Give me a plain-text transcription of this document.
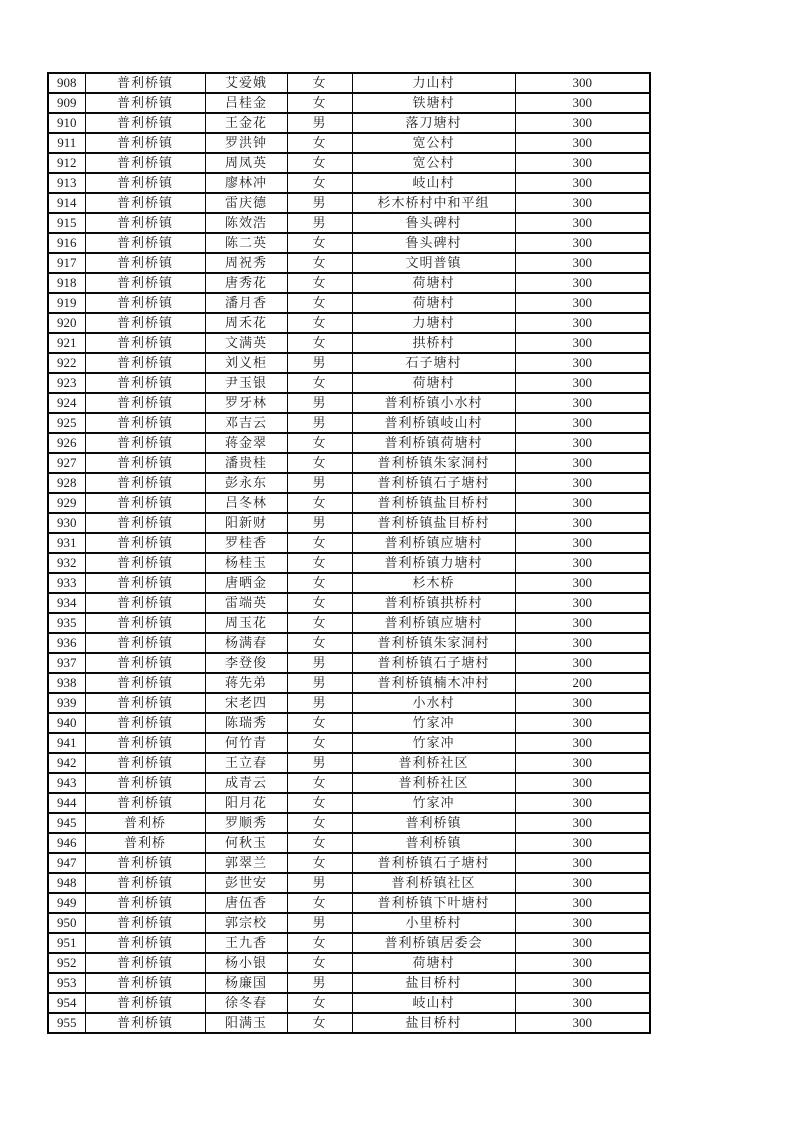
908	普利桥镇	艾爱娥	女	力山村	300
909	普利桥镇	吕桂金	女	铁塘村	300
910	普利桥镇	王金花	男	落刀塘村	300
911	普利桥镇	罗洪钟	女	宽公村	300
912	普利桥镇	周凤英	女	宽公村	300
913	普利桥镇	廖林冲	女	岐山村	300
914	普利桥镇	雷庆德	男	杉木桥村中和平组	300
915	普利桥镇	陈效浩	男	鲁头碑村	300
916	普利桥镇	陈二英	女	鲁头碑村	300
917	普利桥镇	周祝秀	女	文明普镇	300
918	普利桥镇	唐秀花	女	荷塘村	300
919	普利桥镇	潘月香	女	荷塘村	300
920	普利桥镇	周禾花	女	力塘村	300
921	普利桥镇	文满英	女	拱桥村	300
922	普利桥镇	刘义柜	男	石子塘村	300
923	普利桥镇	尹玉银	女	荷塘村	300
924	普利桥镇	罗牙林	男	普利桥镇小水村	300
925	普利桥镇	邓吉云	男	普利桥镇岐山村	300
926	普利桥镇	蒋金翠	女	普利桥镇荷塘村	300
927	普利桥镇	潘贵桂	女	普利桥镇朱家洞村	300
928	普利桥镇	彭永东	男	普利桥镇石子塘村	300
929	普利桥镇	吕冬林	女	普利桥镇盐目桥村	300
930	普利桥镇	阳新财	男	普利桥镇盐目桥村	300
931	普利桥镇	罗桂香	女	普利桥镇应塘村	300
932	普利桥镇	杨桂玉	女	普利桥镇力塘村	300
933	普利桥镇	唐晒金	女	杉木桥	300
934	普利桥镇	雷端英	女	普利桥镇拱桥村	300
935	普利桥镇	周玉花	女	普利桥镇应塘村	300
936	普利桥镇	杨满春	女	普利桥镇朱家洞村	300
937	普利桥镇	李登俊	男	普利桥镇石子塘村	300
938	普利桥镇	蒋先弟	男	普利桥镇楠木冲村	200
939	普利桥镇	宋老四	男	小水村	300
940	普利桥镇	陈瑞秀	女	竹家冲	300
941	普利桥镇	何竹青	女	竹家冲	300
942	普利桥镇	王立春	男	普利桥社区	300
943	普利桥镇	成青云	女	普利桥社区	300
944	普利桥镇	阳月花	女	竹家冲	300
945	普利桥	罗顺秀	女	普利桥镇	300
946	普利桥	何秋玉	女	普利桥镇	300
947	普利桥镇	郭翠兰	女	普利桥镇石子塘村	300
948	普利桥镇	彭世安	男	普利桥镇社区	300
949	普利桥镇	唐伍香	女	普利桥镇下叶塘村	300
950	普利桥镇	郭宗校	男	小里桥村	300
951	普利桥镇	王九香	女	普利桥镇居委会	300
952	普利桥镇	杨小银	女	荷塘村	300
953	普利桥镇	杨廉国	男	盐目桥村	300
954	普利桥镇	徐冬春	女	岐山村	300
955	普利桥镇	阳满玉	女	盐目桥村	300
